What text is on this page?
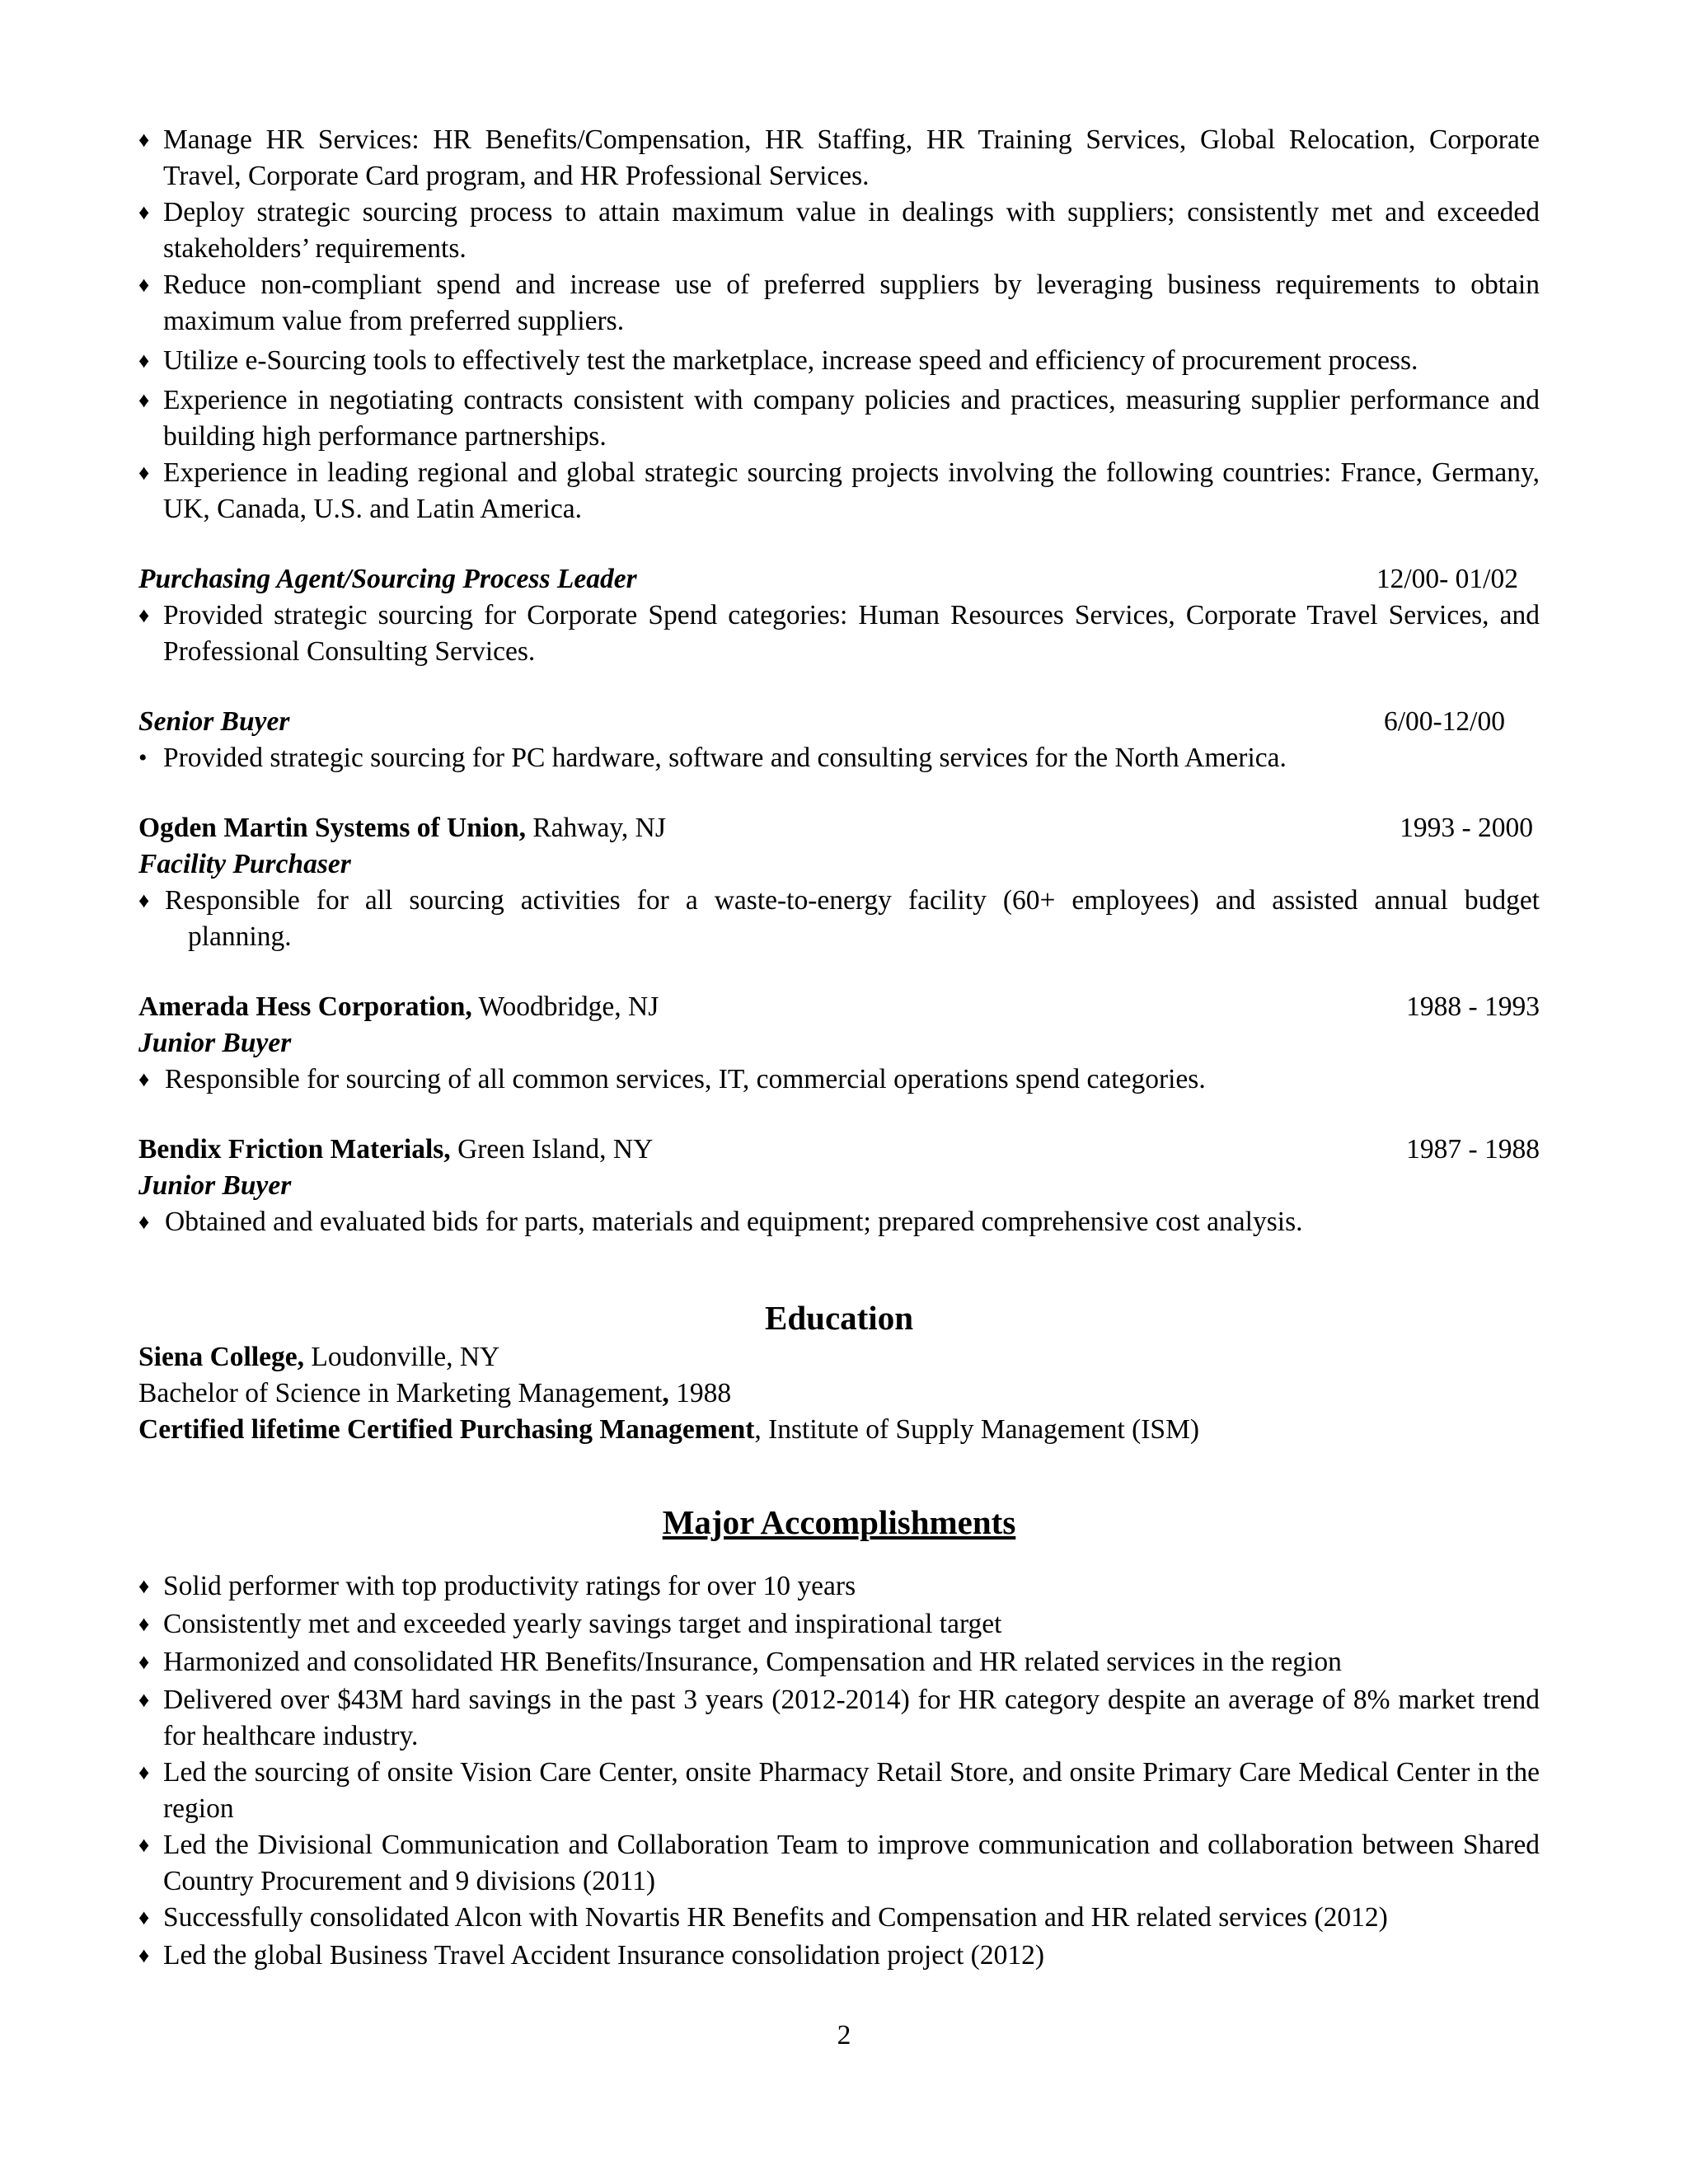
♦ Manage HR Services: HR Benefits/Compensation, HR Staffing, HR Training Services, Global Relocation, Corporate Travel, Corporate Card program, and HR Professional Services.
♦ Deploy strategic sourcing process to attain maximum value in dealings with suppliers; consistently met and exceeded stakeholders’ requirements.
♦ Reduce non-compliant spend and increase use of preferred suppliers by leveraging business requirements to obtain maximum value from preferred suppliers.
♦ Utilize e-Sourcing tools to effectively test the marketplace, increase speed and efficiency of procurement process.
♦ Experience in negotiating contracts consistent with company policies and practices, measuring supplier performance and building high performance partnerships.
♦ Experience in leading regional and global strategic sourcing projects involving the following countries: France, Germany, UK, Canada, U.S. and Latin America.
Purchasing Agent/Sourcing Process Leader	12/00- 01/02
♦ Provided strategic sourcing for Corporate Spend categories: Human Resources Services, Corporate Travel Services, and Professional Consulting Services.
Senior Buyer	6/00-12/00
• Provided strategic sourcing for PC hardware, software and consulting services for the North America.
Ogden Martin Systems of Union, Rahway, NJ	1993 - 2000
Facility Purchaser
♦ Responsible for all sourcing activities for a waste-to-energy facility (60+ employees) and assisted annual budget
planning.
Amerada Hess Corporation, Woodbridge, NJ	1988 - 1993
Junior Buyer
♦ Responsible for sourcing of all common services, IT, commercial operations spend categories.
Bendix Friction Materials, Green Island, NY	1987 - 1988
Junior Buyer
♦ Obtained and evaluated bids for parts, materials and equipment; prepared comprehensive cost analysis.
Education
Siena College, Loudonville, NY
Bachelor of Science in Marketing Management, 1988
Certified lifetime Certified Purchasing Management, Institute of Supply Management (ISM)
Major Accomplishments
♦ Solid performer with top productivity ratings for over 10 years
♦ Consistently met and exceeded yearly savings target and inspirational target
♦ Harmonized and consolidated HR Benefits/Insurance, Compensation and HR related services in the region
♦ Delivered over $43M hard savings in the past 3 years (2012-2014) for HR category despite an average of 8% market trend for healthcare industry.
♦ Led the sourcing of onsite Vision Care Center, onsite Pharmacy Retail Store, and onsite Primary Care Medical Center in the region
♦ Led the Divisional Communication and Collaboration Team to improve communication and collaboration between Shared Country Procurement and 9 divisions (2011)
♦ Successfully consolidated Alcon with Novartis HR Benefits and Compensation and HR related services (2012)
♦ Led the global Business Travel Accident Insurance consolidation project (2012)
2
